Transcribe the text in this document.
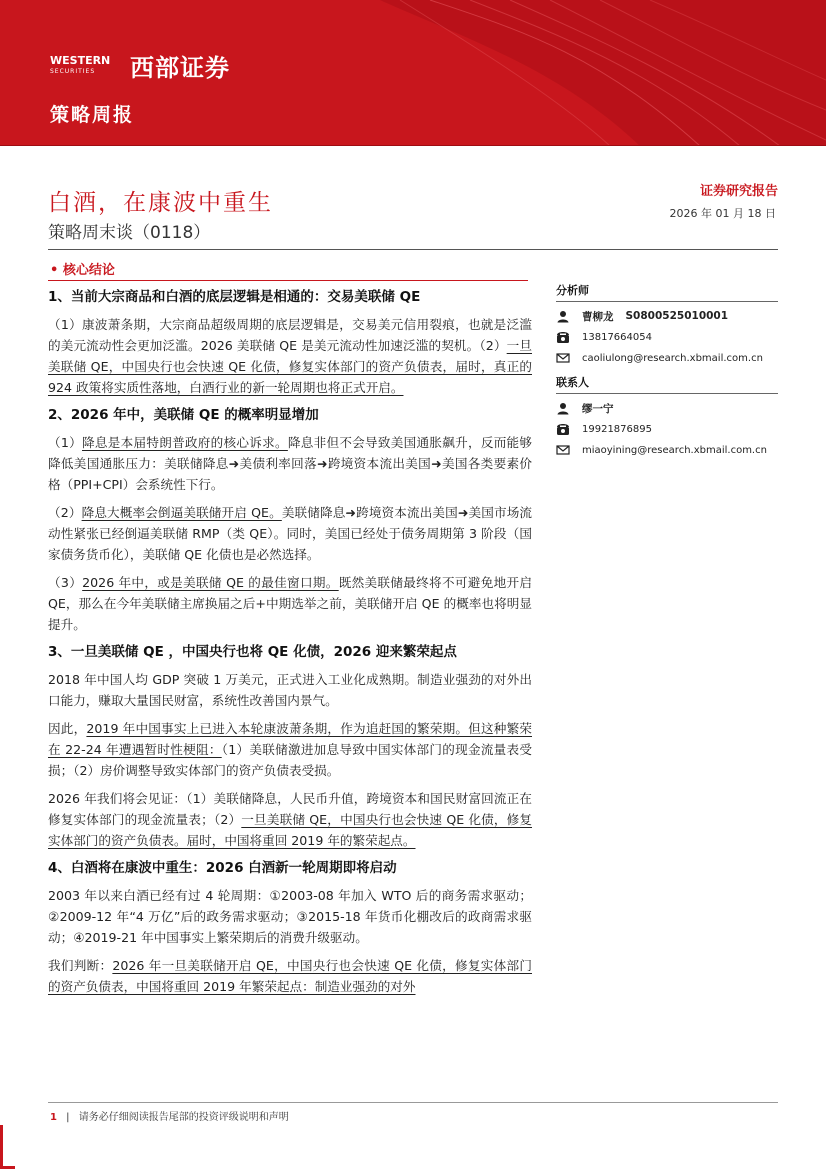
WESTERN
SECURITIES	西部证券
策略周报
白酒，在康波中重生
策略周末谈（0118）
证券研究报告
2026 年 01 月 18 日
• 核心结论
1、当前大宗商品和白酒的底层逻辑是相通的：交易美联储 QE
（1）康波萧条期，大宗商品超级周期的底层逻辑是，交易美元信用裂痕，也就是泛滥的美元流动性会更加泛滥。2026 美联储 QE 是美元流动性加速泛滥的契机。（2）一旦美联储 QE，中国央行也会快速 QE 化债，修复实体部门的资产负债表，届时，真正的 924 政策将实质性落地，白酒行业的新一轮周期也将正式开启。
2、2026 年中，美联储 QE 的概率明显增加
（1）降息是本届特朗普政府的核心诉求。降息非但不会导致美国通胀飙升，反而能够降低美国通胀压力：美联储降息➜美债利率回落➜跨境资本流出美国➜美国各类要素价格（PPI+CPI）会系统性下行。
（2）降息大概率会倒逼美联储开启 QE。美联储降息➜跨境资本流出美国➜美国市场流动性紧张已经倒逼美联储 RMP（类 QE）。同时，美国已经处于债务周期第 3 阶段（国家债务货币化），美联储 QE 化债也是必然选择。
（3）2026 年中，或是美联储 QE 的最佳窗口期。既然美联储最终将不可避免地开启 QE，那么在今年美联储主席换届之后+中期选举之前，美联储开启 QE 的概率也将明显提升。
3、一旦美联储 QE ，中国央行也将 QE 化债，2026 迎来繁荣起点
2018 年中国人均 GDP 突破 1 万美元，正式进入工业化成熟期。制造业强劲的对外出口能力，赚取大量国民财富，系统性改善国内景气。
因此，2019 年中国事实上已进入本轮康波萧条期，作为追赶国的繁荣期。但这种繁荣在 22-24 年遭遇暂时性梗阻：（1）美联储激进加息导致中国实体部门的现金流量表受损；（2）房价调整导致实体部门的资产负债表受损。
2026 年我们将会见证：（1）美联储降息，人民币升值，跨境资本和国民财富回流正在修复实体部门的现金流量表；（2）一旦美联储 QE，中国央行也会快速 QE 化债，修复实体部门的资产负债表。届时，中国将重回 2019 年的繁荣起点。
4、白酒将在康波中重生：2026 白酒新一轮周期即将启动
2003 年以来白酒已经有过 4 轮周期：①2003-08 年加入 WTO 后的商务需求驱动；②2009-12 年“4 万亿”后的政务需求驱动；③2015-18 年货币化棚改后的政商需求驱动；④2019-21 年中国事实上繁荣期后的消费升级驱动。
我们判断：2026 年一旦美联储开启 QE，中国央行也会快速 QE 化债，修复实体部门的资产负债表，中国将重回 2019 年繁荣起点：制造业强劲的对外
分析师
曹柳龙 S0800525010001
13817664054
caoliulong@research.xbmail.com.cn
联系人
缪一宁
19921876895
miaoyining@research.xbmail.com.cn
1 | 请务必仔细阅读报告尾部的投资评级说明和声明
